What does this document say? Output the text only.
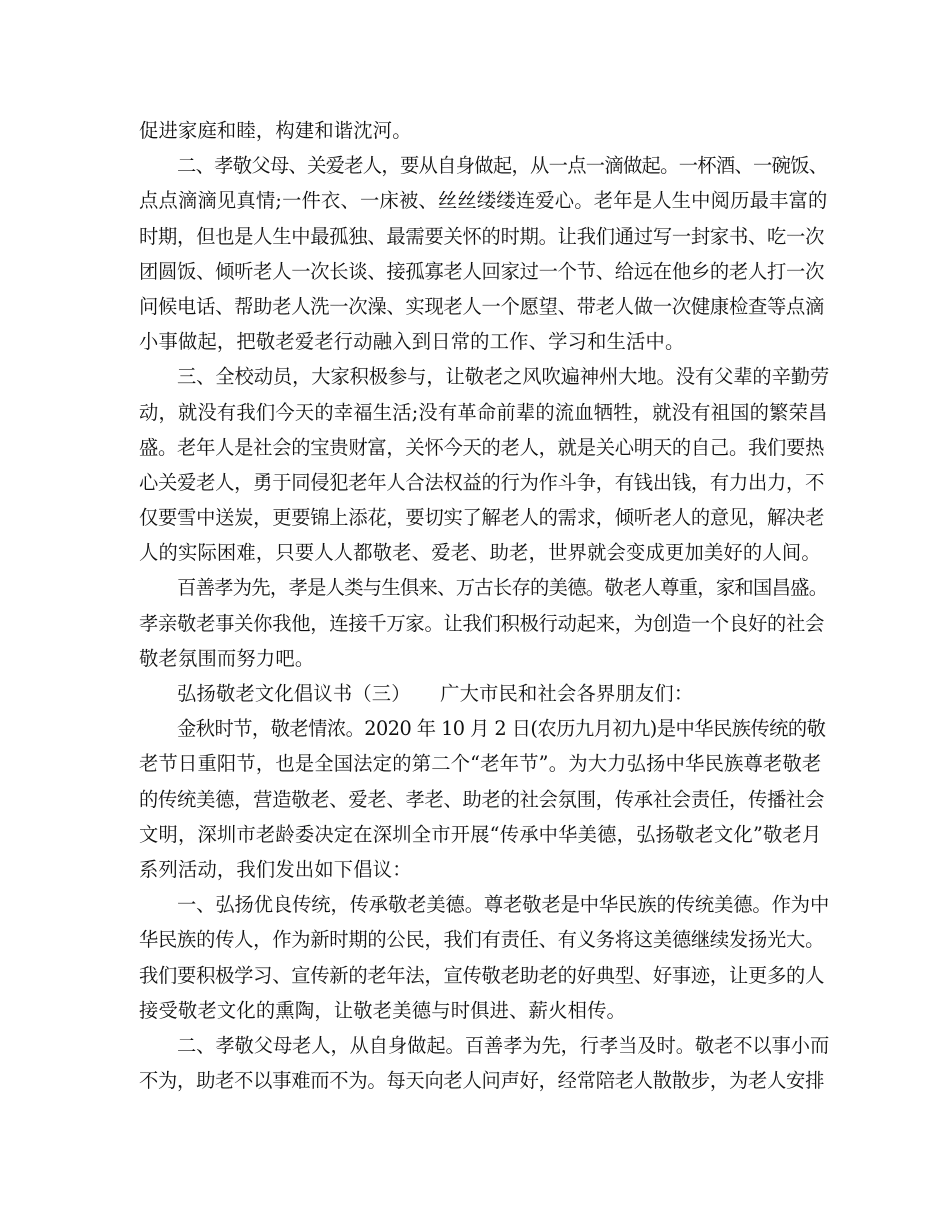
促进家庭和睦，构建和谐沈河。

二、孝敬父母、关爱老人，要从自身做起，从一点一滴做起。一杯酒、一碗饭、

点点滴滴见真情;一件衣、一床被、丝丝缕缕连爱心。老年是人生中阅历最丰富的

时期，但也是人生中最孤独、最需要关怀的时期。让我们通过写一封家书、吃一次

团圆饭、倾听老人一次长谈、接孤寡老人回家过一个节、给远在他乡的老人打一次

问候电话、帮助老人洗一次澡、实现老人一个愿望、带老人做一次健康检查等点滴

小事做起，把敬老爱老行动融入到日常的工作、学习和生活中。

三、全校动员，大家积极参与，让敬老之风吹遍神州大地。没有父辈的辛勤劳

动，就没有我们今天的幸福生活;没有革命前辈的流血牺牲，就没有祖国的繁荣昌

盛。老年人是社会的宝贵财富，关怀今天的老人，就是关心明天的自己。我们要热

心关爱老人，勇于同侵犯老年人合法权益的行为作斗争，有钱出钱，有力出力，不

仅要雪中送炭，更要锦上添花，要切实了解老人的需求，倾听老人的意见，解决老

人的实际困难，只要人人都敬老、爱老、助老，世界就会变成更加美好的人间。

百善孝为先，孝是人类与生俱来、万古长存的美德。敬老人尊重，家和国昌盛。

孝亲敬老事关你我他，连接千万家。让我们积极行动起来，为创造一个良好的社会

敬老氛围而努力吧。

弘扬敬老文化倡议书（三）　　广大市民和社会各界朋友们：

金秋时节，敬老情浓。2020 年 10 月 2 日(农历九月初九)是中华民族传统的敬

老节日重阳节，也是全国法定的第二个“老年节”。为大力弘扬中华民族尊老敬老

的传统美德，营造敬老、爱老、孝老、助老的社会氛围，传承社会责任，传播社会

文明，深圳市老龄委决定在深圳全市开展“传承中华美德，弘扬敬老文化”敬老月

系列活动，我们发出如下倡议：

一、弘扬优良传统，传承敬老美德。尊老敬老是中华民族的传统美德。作为中

华民族的传人，作为新时期的公民，我们有责任、有义务将这美德继续发扬光大。

我们要积极学习、宣传新的老年法，宣传敬老助老的好典型、好事迹，让更多的人

接受敬老文化的熏陶，让敬老美德与时俱进、薪火相传。

二、孝敬父母老人，从自身做起。百善孝为先，行孝当及时。敬老不以事小而

不为，助老不以事难而不为。每天向老人问声好，经常陪老人散散步，为老人安排
